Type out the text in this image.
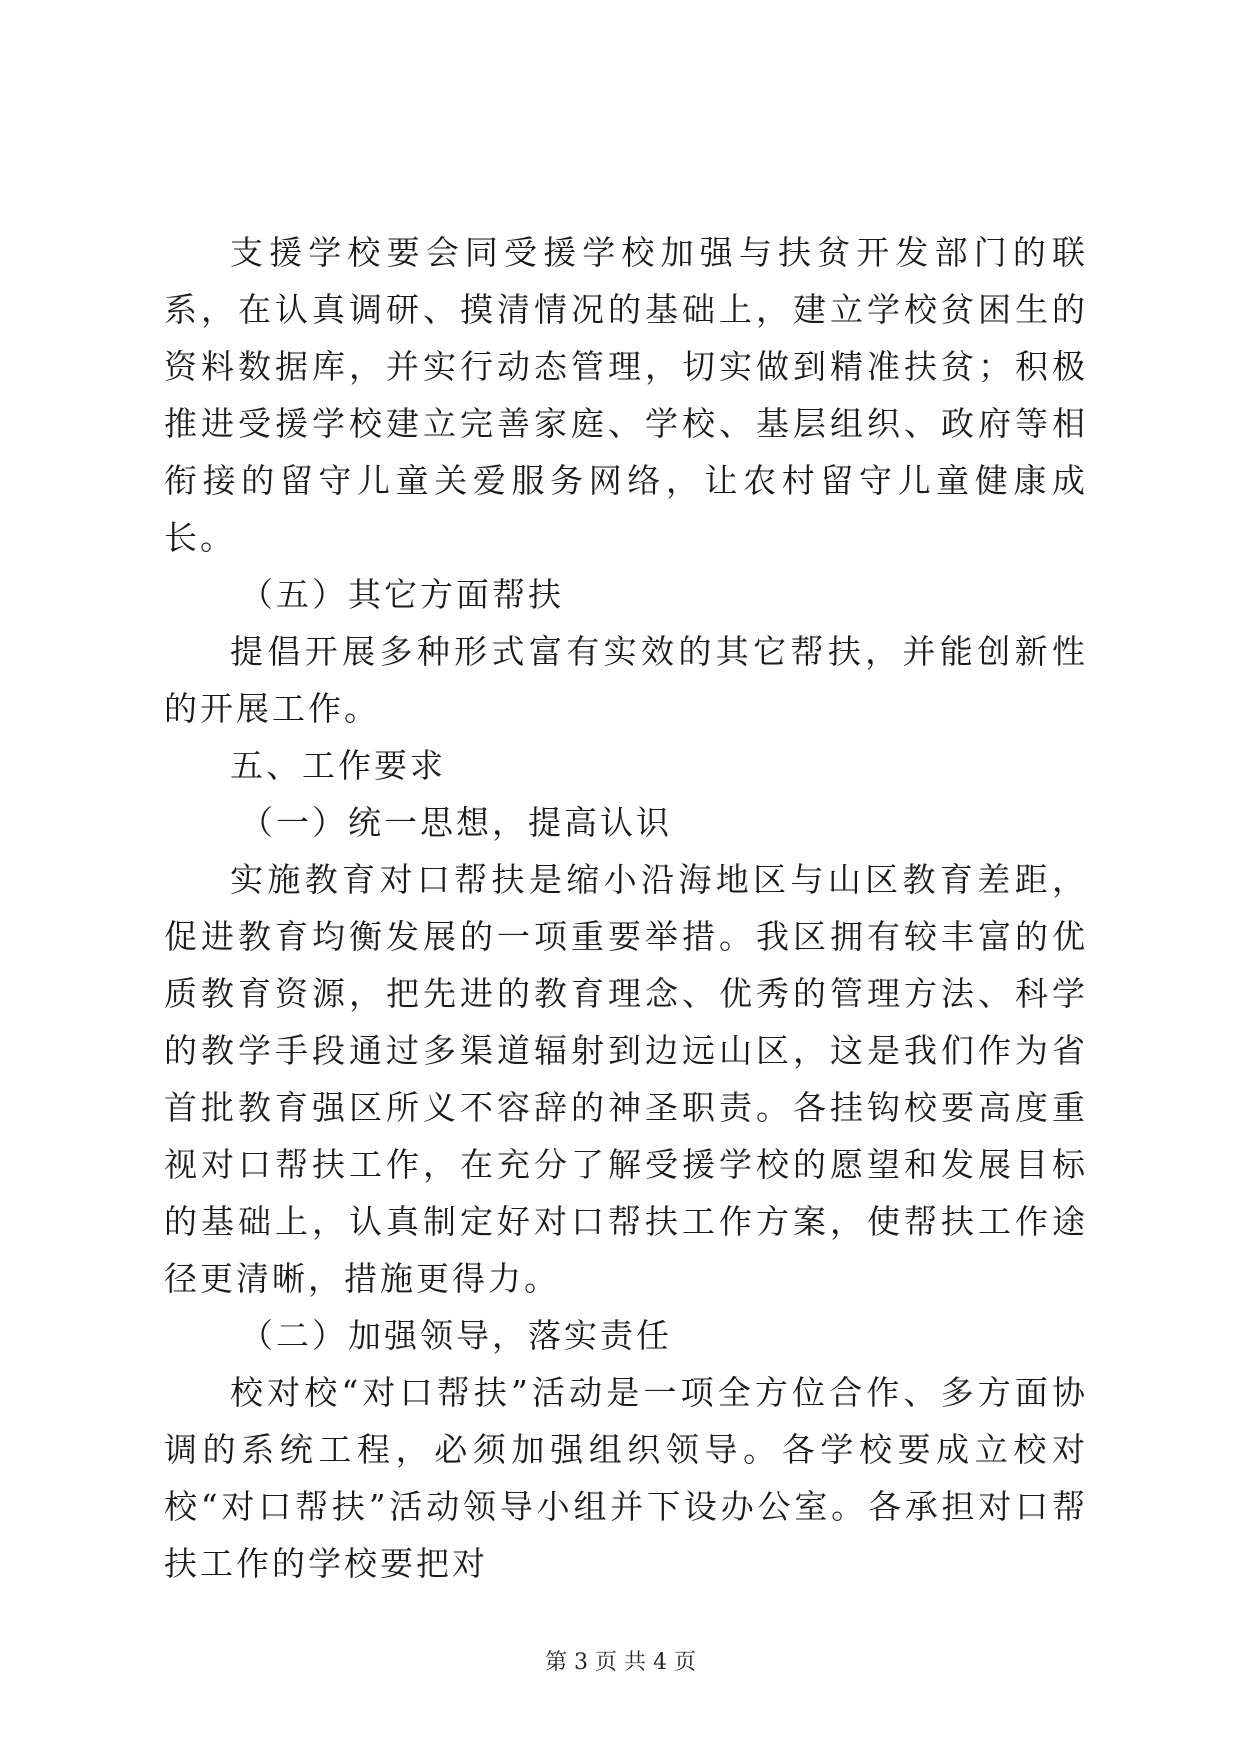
支援学校要会同受援学校加强与扶贫开发部门的联系，在认真调研、摸清情况的基础上，建立学校贫困生的资料数据库，并实行动态管理，切实做到精准扶贫；积极推进受援学校建立完善家庭、学校、基层组织、政府等相衔接的留守儿童关爱服务网络，让农村留守儿童健康成长。

（五）其它方面帮扶

提倡开展多种形式富有实效的其它帮扶，并能创新性的开展工作。

五、工作要求

（一）统一思想，提高认识

实施教育对口帮扶是缩小沿海地区与山区教育差距，促进教育均衡发展的一项重要举措。我区拥有较丰富的优质教育资源，把先进的教育理念、优秀的管理方法、科学的教学手段通过多渠道辐射到边远山区，这是我们作为省首批教育强区所义不容辞的神圣职责。各挂钩校要高度重视对口帮扶工作，在充分了解受援学校的愿望和发展目标的基础上，认真制定好对口帮扶工作方案，使帮扶工作途径更清晰，措施更得力。

（二）加强领导，落实责任

校对校“对口帮扶”活动是一项全方位合作、多方面协调的系统工程，必须加强组织领导。各学校要成立校对校“对口帮扶”活动领导小组并下设办公室。各承担对口帮扶工作的学校要把对

第 3 页 共 4 页
